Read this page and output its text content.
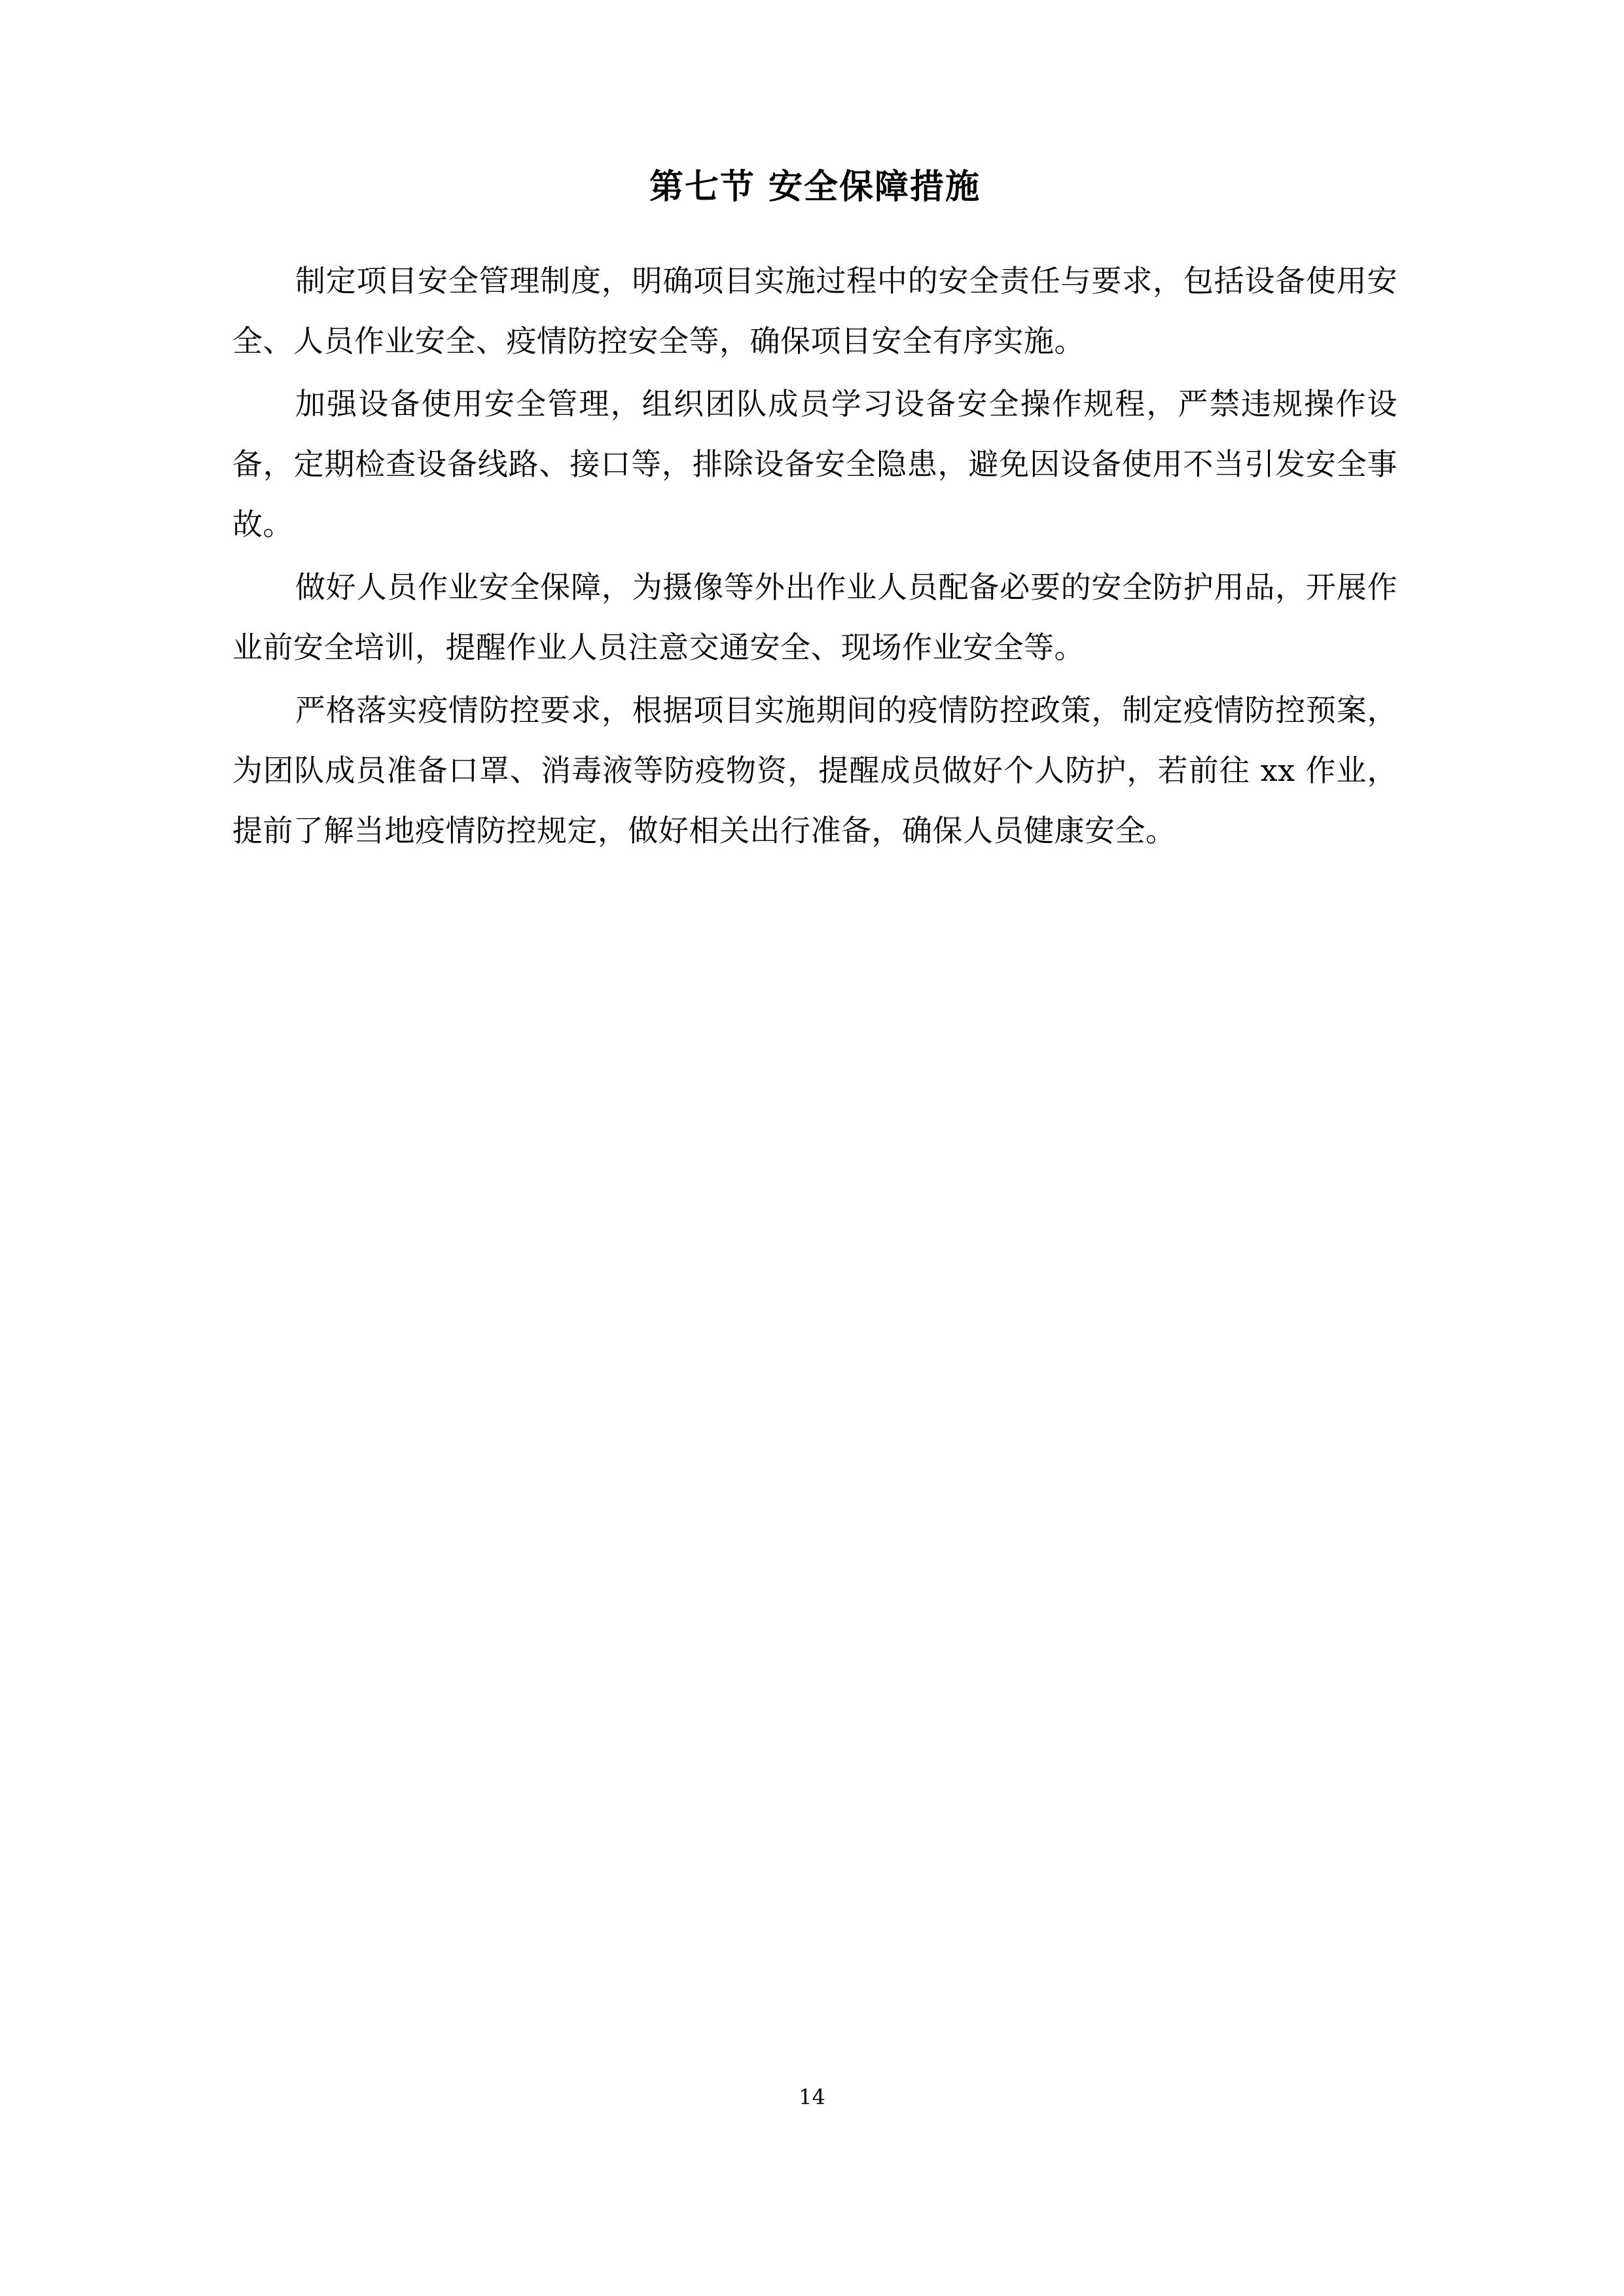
第七节 安全保障措施

制定项目安全管理制度，明确项目实施过程中的安全责任与要求，包括设备使用安全、人员作业安全、疫情防控安全等，确保项目安全有序实施。

加强设备使用安全管理，组织团队成员学习设备安全操作规程，严禁违规操作设备，定期检查设备线路、接口等，排除设备安全隐患，避免因设备使用不当引发安全事故。

做好人员作业安全保障，为摄像等外出作业人员配备必要的安全防护用品，开展作业前安全培训，提醒作业人员注意交通安全、现场作业安全等。

严格落实疫情防控要求，根据项目实施期间的疫情防控政策，制定疫情防控预案，为团队成员准备口罩、消毒液等防疫物资，提醒成员做好个人防护，若前往 xx 作业，提前了解当地疫情防控规定，做好相关出行准备，确保人员健康安全。

14
